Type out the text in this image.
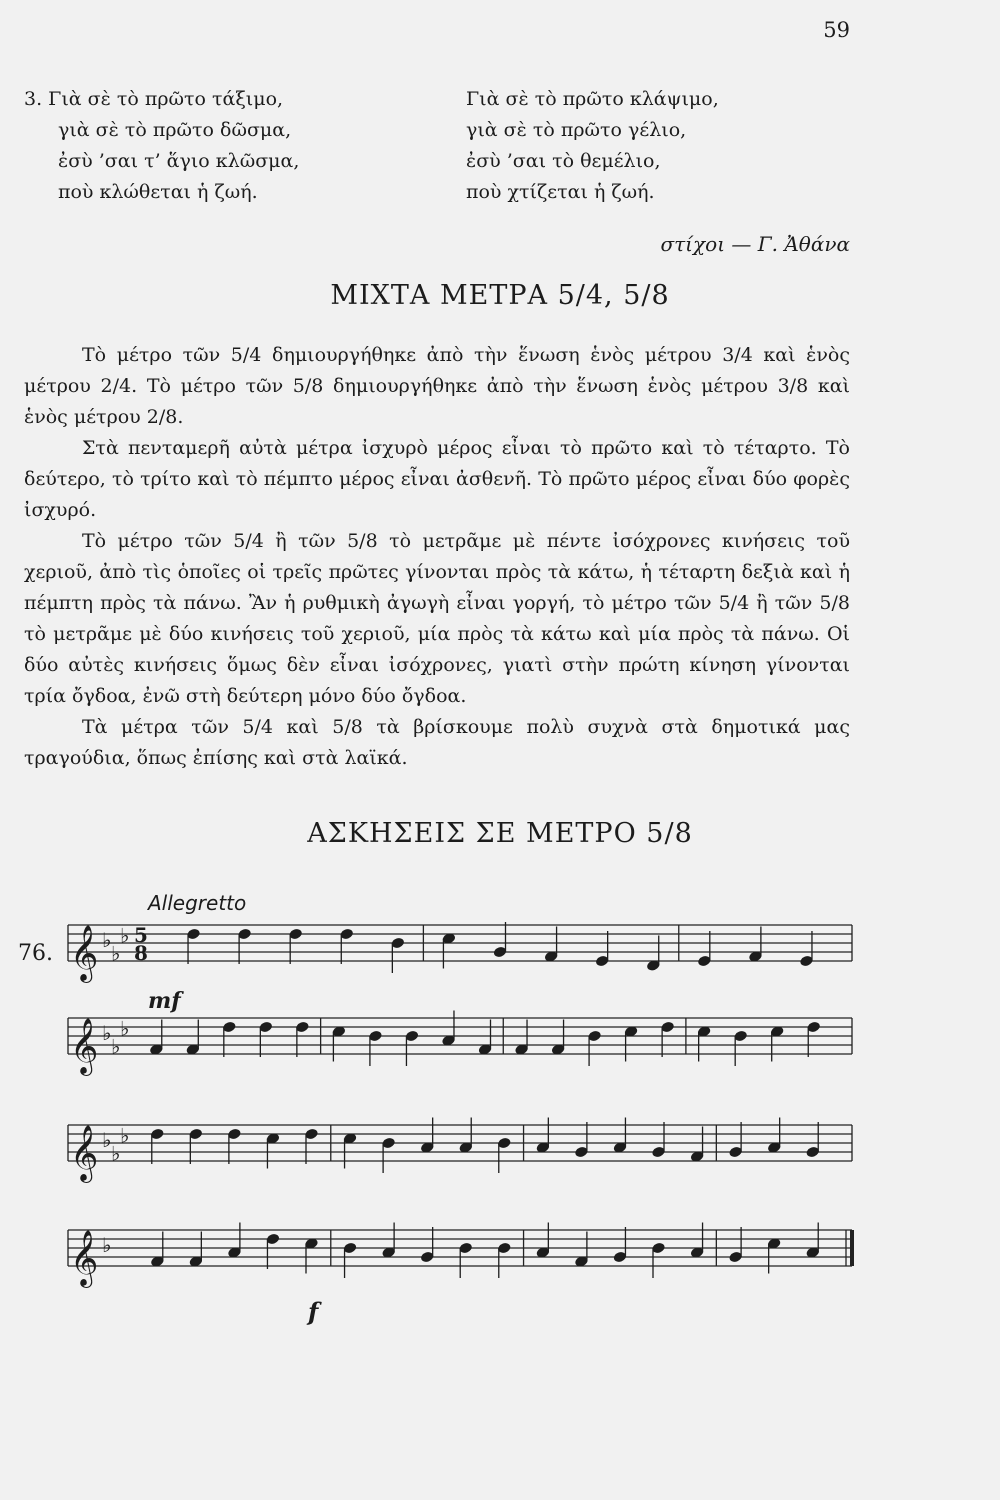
59
3. Γιὰ σὲ τὸ πρῶτο τάξιμο,
γιὰ σὲ τὸ πρῶτο δῶσμα,
ἐσὺ ’σαι τ’ ἅγιο κλῶσμα,
ποὺ κλώθεται ἡ ζωή.
Γιὰ σὲ τὸ πρῶτο κλάψιμο,
γιὰ σὲ τὸ πρῶτο γέλιο,
ἐσὺ ’σαι τὸ θεμέλιο,
ποὺ χτίζεται ἡ ζωή.
στίχοι — Γ. Ἀθάνα
ΜΙΧΤΑ ΜΕΤΡΑ 5/4, 5/8

Τὸ μέτρο τῶν 5/4 δημιουργήθηκε ἀπὸ τὴν ἕνωση ἑνὸς μέτρου 3/4 καὶ ἑνὸς μέτρου 2/4. Τὸ μέτρο τῶν 5/8 δημιουργήθηκε ἀπὸ τὴν ἕνωση ἑνὸς μέτρου 3/8 καὶ ἑνὸς μέτρου 2/8.

Στὰ πενταμερῆ αὐτὰ μέτρα ἰσχυρὸ μέρος εἶναι τὸ πρῶτο καὶ τὸ τέταρτο. Τὸ δεύτερο, τὸ τρίτο καὶ τὸ πέμπτο μέρος εἶναι ἀσθενῆ. Τὸ πρῶτο μέρος εἶναι δύο φορὲς ἰσχυρό.

Τὸ μέτρο τῶν 5/4 ἢ τῶν 5/8 τὸ μετρᾶμε μὲ πέντε ἰσόχρονες κινήσεις τοῦ χεριοῦ, ἀπὸ τὶς ὁποῖες οἱ τρεῖς πρῶτες γίνονται πρὸς τὰ κάτω, ἡ τέταρτη δεξιὰ καὶ ἡ πέμπτη πρὸς τὰ πάνω. Ἂν ἡ ρυθμικὴ ἀγωγὴ εἶναι γοργή, τὸ μέτρο τῶν 5/4 ἢ τῶν 5/8 τὸ μετρᾶμε μὲ δύο κινήσεις τοῦ χεριοῦ, μία πρὸς τὰ κάτω καὶ μία πρὸς τὰ πάνω. Οἱ δύο αὐτὲς κινήσεις ὅμως δὲν εἶναι ἰσόχρονες, γιατὶ στὴν πρώτη κίνηση γίνονται τρία ὄγδοα, ἐνῶ στὴ δεύτερη μόνο δύο ὄγδοα.

Τὰ μέτρα τῶν 5/4 καὶ 5/8 τὰ βρίσκουμε πολὺ συχνὰ στὰ δημοτικά μας τραγούδια, ὅπως ἐπίσης καὶ στὰ λαϊκά.

ΑΣΚΗΣΕΙΣ ΣΕ ΜΕΤΡΟ 5/8
Allegretto
76.
mf
f
𝄞 ♭
♭
♭ 5
8
𝄞 ♭
♭
♭
𝄞 ♭
♭
♭
𝄞 ♭
